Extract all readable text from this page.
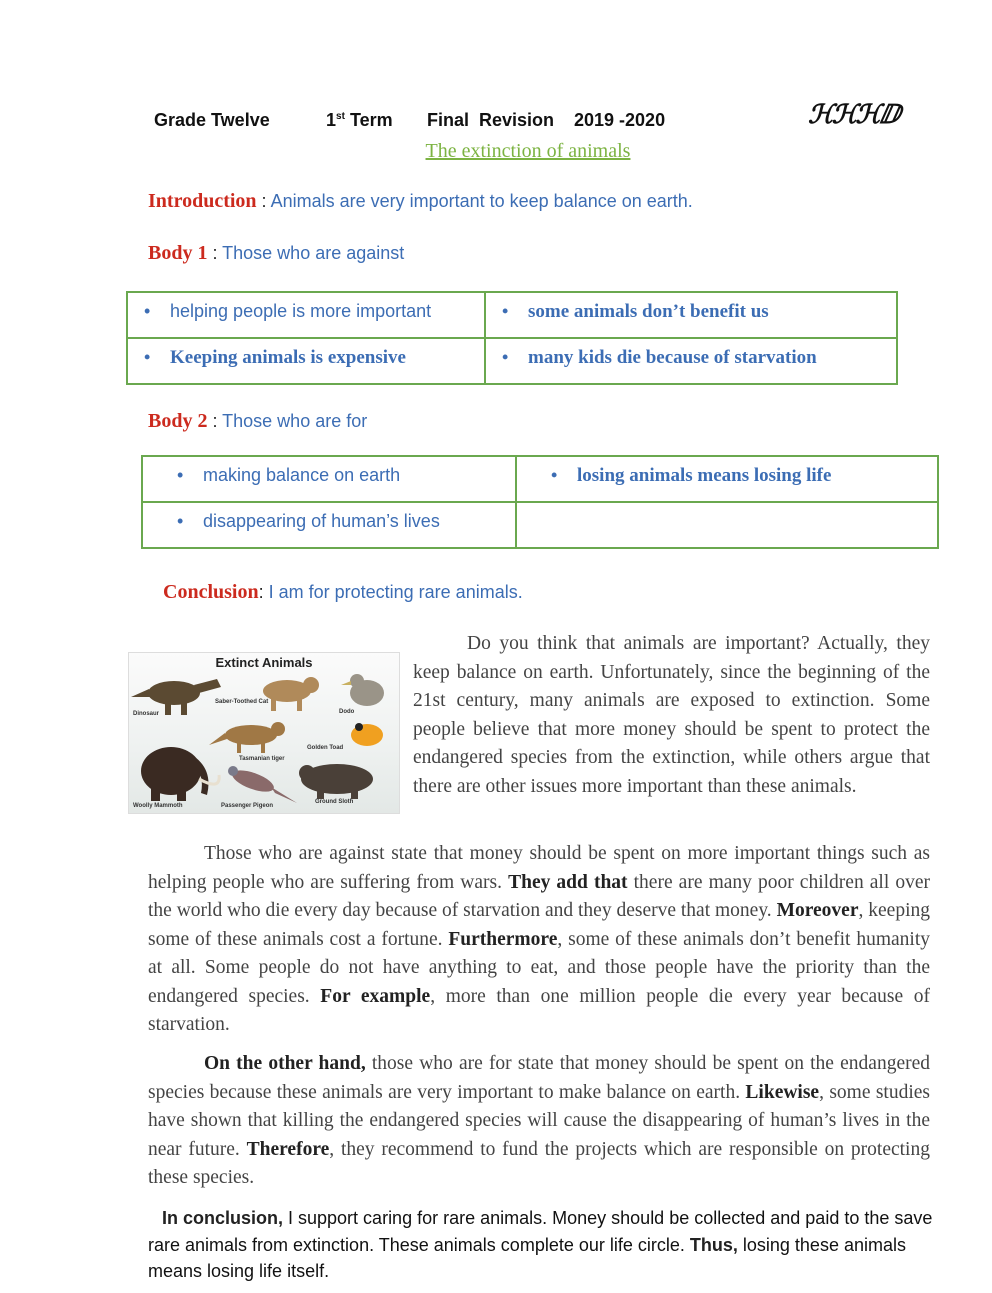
Grade Twelve	1st Term Final  Revision 2019 -2020	ℋℋℋⅅ
The extinction of animals
Introduction : Animals are very important to keep balance on earth.
Body 1 : Those who are against
• helping people is more important	• some animals don’t benefit us

• Keeping animals is expensive	• many kids die because of starvation
Body 2 : Those who are for
• making balance on earth	• losing animals means losing life

• disappearing of human’s lives	

Conclusion: I am for protecting rare animals.
Extinct Animals
Dinosaur
Saber-Toothed Cat
Dodo
Golden Toad
Tasmanian tiger
Woolly Mammoth	Passenger Pigeon
Ground Sloth
Do you think that animals are important? Actually, they keep balance on earth. Unfortunately, since the beginning of the 21st century, many animals are exposed to extinction. Some people believe that more money should be spent to protect the endangered species from the extinction, while others argue that there are other issues more important than these animals.
Those who are against state that money should be spent on more important things such as helping people who are suffering from wars. They add that there are many poor children all over the world who die every day because of starvation and they deserve that money. Moreover, keeping some of these animals cost a fortune. Furthermore, some of these animals don’t benefit humanity at all. Some people do not have anything to eat, and those people have the priority than the endangered species. For example, more than one million people die every year because of starvation.
On the other hand, those who are for state that money should be spent on the endangered species because these animals are very important to make balance on earth. Likewise, some studies have shown that killing the endangered species will cause the disappearing of human’s lives in the near future. Therefore, they recommend to fund the projects which are responsible on protecting these species.
In conclusion, I support caring for rare animals. Money should be collected and paid to the save rare animals from extinction. These animals complete our life circle. Thus, losing these animals means losing life itself.
